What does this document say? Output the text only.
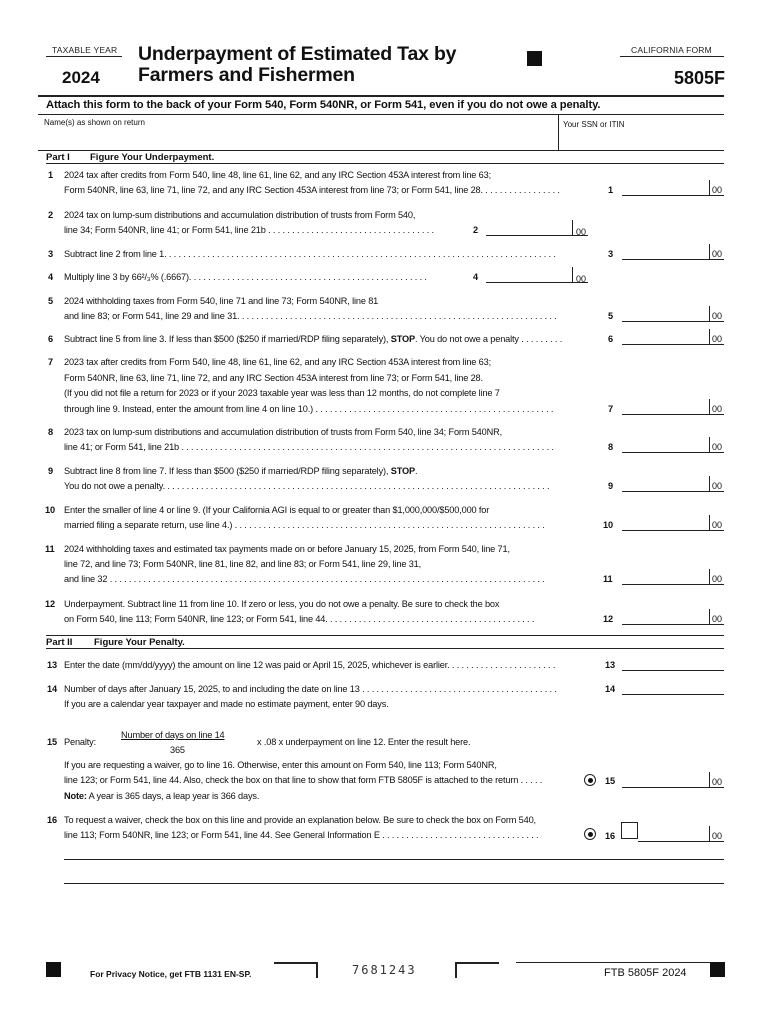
TAXABLE YEAR
2024
Underpayment of Estimated Tax by
Farmers and Fishermen
CALIFORNIA FORM
5805F
Attach this form to the back of your Form 540, Form 540NR, or Form 541, even if you do not owe a penalty.
Name(s) as shown on return	Your SSN or ITIN
Part I Figure Your Underpayment.
1 2024 tax after credits from Form 540, line 48, line 61, line 62, and any IRC Section 453A interest from line 63;
Form 540NR, line 63, line 71, line 72, and any IRC Section 453A interest from line 73; or Form 541, line 28. . . . . . . . . . . . . . . . .	1	00
2 2024 tax on lump-sum distributions and accumulation distribution of trusts from Form 540,
line 34; Form 540NR, line 41; or Form 541, line 21b . . . . . . . . . . . . . . . . . . . . . . . . . . . . . . . . . . .	2	00
3 Subtract line 2 from line 1. . . . . . . . . . . . . . . . . . . . . . . . . . . . . . . . . . . . . . . . . . . . . . . . . . . . . . . . . . . . . . . . . . . . . . . . . . . . . . . . . .	3	00
4 Multiply line 3 by 66²/₃% (.6667). . . . . . . . . . . . . . . . . . . . . . . . . . . . . . . . . . . . . . . . . . . . . . . . . .	4	00
5 2024 withholding taxes from Form 540, line 71 and line 73; Form 540NR, line 81
and line 83; or Form 541, line 29 and line 31. . . . . . . . . . . . . . . . . . . . . . . . . . . . . . . . . . . . . . . . . . . . . . . . . . . . . . . . . . . . . . . . . . .	5	00
6 Subtract line 5 from line 3. If less than $500 ($250 if married/RDP filing separately), STOP. You do not owe a penalty . . . . . . . . .	6	00
7 2023 tax after credits from Form 540, line 48, line 61, line 62, and any IRC Section 453A interest from line 63;
Form 540NR, line 63, line 71, line 72, and any IRC Section 453A interest from line 73; or Form 541, line 28.
(If you did not file a return for 2023 or if your 2023 taxable year was less than 12 months, do not complete line 7
through line 9. Instead, enter the amount from line 4 on line 10.) . . . . . . . . . . . . . . . . . . . . . . . . . . . . . . . . . . . . . . . . . . . . . . . . . .	7	00
8 2023 tax on lump-sum distributions and accumulation distribution of trusts from Form 540, line 34; Form 540NR,
line 41; or Form 541, line 21b . . . . . . . . . . . . . . . . . . . . . . . . . . . . . . . . . . . . . . . . . . . . . . . . . . . . . . . . . . . . . . . . . . . . . . . . . . . . . .	8	00
9 Subtract line 8 from line 7. If less than $500 ($250 if married/RDP filing separately), STOP.
You do not owe a penalty. . . . . . . . . . . . . . . . . . . . . . . . . . . . . . . . . . . . . . . . . . . . . . . . . . . . . . . . . . . . . . . . . . . . . . . . . . . . . . . . .	9	00
10 Enter the smaller of line 4 or line 9. (If your California AGI is equal to or greater than $1,000,000/$500,000 for
married filing a separate return, use line 4.) . . . . . . . . . . . . . . . . . . . . . . . . . . . . . . . . . . . . . . . . . . . . . . . . . . . . . . . . . . . . . . . . .	10	00
11 2024 withholding taxes and estimated tax payments made on or before January 15, 2025, from Form 540, line 71,
line 72, and line 73; Form 540NR, line 81, line 82, and line 83; or Form 541, line 29, line 31,
and line 32 . . . . . . . . . . . . . . . . . . . . . . . . . . . . . . . . . . . . . . . . . . . . . . . . . . . . . . . . . . . . . . . . . . . . . . . . . . . . . . . . . . . . . . . . . . .	11	00
12 Underpayment. Subtract line 11 from line 10. If zero or less, you do not owe a penalty. Be sure to check the box
on Form 540, line 113; Form 540NR, line 123; or Form 541, line 44. . . . . . . . . . . . . . . . . . . . . . . . . . . . . . . . . . . . . . . . . . . .	12	00
Part II Figure Your Penalty.
13 Enter the date (mm/dd/yyyy) the amount on line 12 was paid or April 15, 2025, whichever is earlier. . . . . . . . . . . . . . . . . . . . . . .	13
14 Number of days after January 15, 2025, to and including the date on line 13 . . . . . . . . . . . . . . . . . . . . . . . . . . . . . . . . . . . . . . . . .
If you are a calendar year taxpayer and made no estimate payment, enter 90 days.
14
15 Penalty:
Number of days on line 14
365
x .08 x underpayment on line 12. Enter the result here.
If you are requesting a waiver, go to line 16. Otherwise, enter this amount on Form 540, line 113; Form 540NR,
line 123; or Form 541, line 44. Also, check the box on that line to show that form FTB 5805F is attached to the return . . . . .
Note: A year is 365 days, a leap year is 366 days.
15	00
16 To request a waiver, check the box on this line and provide an explanation below. Be sure to check the box on Form 540,
line 113; Form 540NR, line 123; or Form 541, line 44. See General Information E . . . . . . . . . . . . . . . . . . . . . . . . . . . . . . . . .	16	00
For Privacy Notice, get FTB 1131 EN-SP.	7681243	FTB 5805F 2024
